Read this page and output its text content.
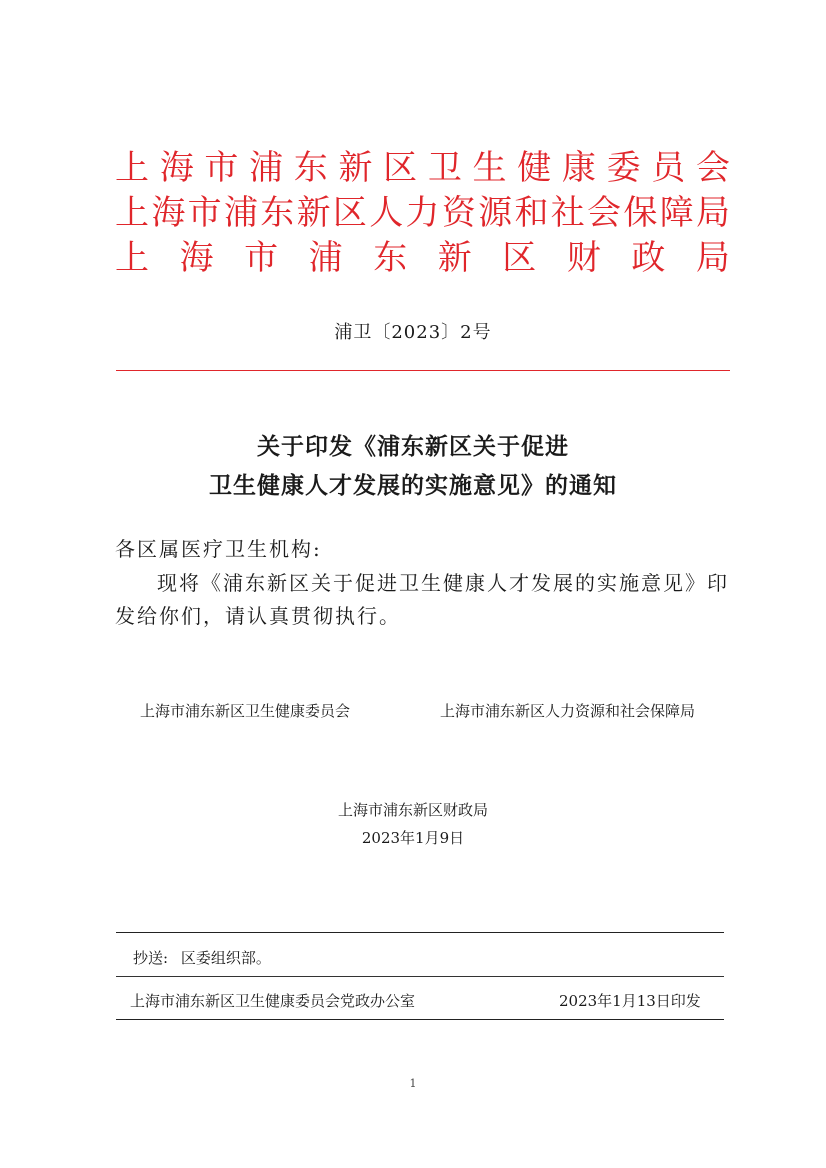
上 海 市 浦 东 新 区 卫 生 健 康 委 员 会
上 海 市 浦 东 新 区 人 力 资 源 和 社 会 保 障 局
上 海 市 浦 东 新 区 财 政 局
浦卫〔2023〕2号
关于印发《浦东新区关于促进
卫生健康人才发展的实施意见》的通知
各区属医疗卫生机构:
现将《浦东新区关于促进卫生健康人才发展的实施意见》印
发给你们，请认真贯彻执行。
上海市浦东新区卫生健康委员会	上海市浦东新区人力资源和社会保障局
上海市浦东新区财政局
2023年1月9日
抄送: 区委组织部。
上海市浦东新区卫生健康委员会党政办公室	2023年1月13日印发
1
